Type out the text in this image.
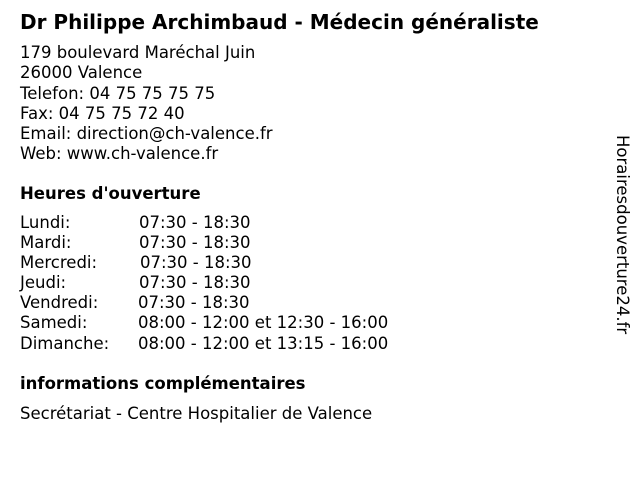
Dr Philippe Archimbaud - Médecin généraliste
179 boulevard Maréchal Juin
26000 Valence
Telefon: 04 75 75 75 75
Fax: 04 75 75 72 40
Email: direction@ch-valence.fr
Web: www.ch-valence.fr
Heures d'ouverture
Lundi:	07:30 - 18:30
Mardi:	07:30 - 18:30
Mercredi:	07:30 - 18:30
Jeudi:	07:30 - 18:30
Vendredi: 07:30 - 18:30
Samedi:	08:00 - 12:00 et 12:30 - 16:00
Dimanche: 08:00 - 12:00 et 13:15 - 16:00
informations complémentaires
Secrétariat - Centre Hospitalier de Valence
Horairesdouverture24.fr
